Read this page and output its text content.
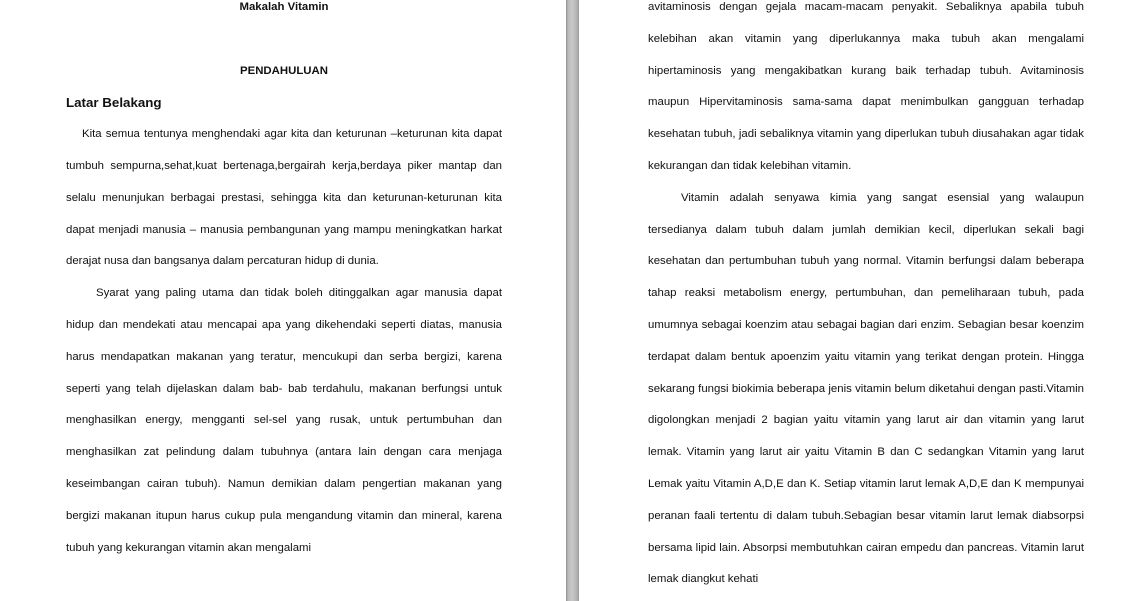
Makalah Vitamin
PENDAHULUAN
Latar Belakang

Kita semua tentunya menghendaki agar kita dan keturunan –keturunan kita dapat tumbuh sempurna,sehat,kuat bertenaga,bergairah kerja,berdaya piker mantap dan selalu menunjukan berbagai prestasi, sehingga kita dan keturunan-keturunan kita dapat menjadi manusia – manusia pembangunan yang mampu meningkatkan harkat derajat nusa dan bangsanya dalam percaturan hidup di dunia.

Syarat yang paling utama dan tidak boleh ditinggalkan agar manusia dapat hidup dan mendekati atau mencapai apa yang dikehendaki seperti diatas, manusia harus mendapatkan makanan yang teratur, mencukupi dan serba bergizi, karena seperti yang telah dijelaskan dalam bab- bab terdahulu, makanan berfungsi untuk menghasilkan energy, mengganti sel-sel yang rusak, untuk pertumbuhan dan menghasilkan zat pelindung dalam tubuhnya (antara lain dengan cara menjaga keseimbangan cairan tubuh). Namun demikian dalam pengertian makanan yang bergizi makanan itupun harus cukup pula mengandung vitamin dan mineral, karena tubuh yang kekurangan vitamin akan mengalami

avitaminosis dengan gejala macam-macam penyakit. Sebaliknya apabila tubuh kelebihan akan vitamin yang diperlukannya maka tubuh akan mengalami hipertaminosis yang mengakibatkan kurang baik terhadap tubuh. Avitaminosis maupun Hipervitaminosis sama-sama dapat menimbulkan gangguan terhadap kesehatan tubuh, jadi sebaliknya vitamin yang diperlukan tubuh diusahakan agar tidak kekurangan dan tidak kelebihan vitamin.

Vitamin adalah senyawa kimia yang sangat esensial yang walaupun tersedianya dalam tubuh dalam jumlah demikian kecil, diperlukan sekali bagi kesehatan dan pertumbuhan tubuh yang normal. Vitamin berfungsi dalam beberapa tahap reaksi metabolism energy, pertumbuhan, dan pemeliharaan tubuh, pada umumnya sebagai koenzim atau sebagai bagian dari enzim. Sebagian besar koenzim terdapat dalam bentuk apoenzim yaitu vitamin yang terikat dengan protein. Hingga sekarang fungsi biokimia beberapa jenis vitamin belum diketahui dengan pasti.Vitamin digolongkan menjadi 2 bagian yaitu vitamin yang larut air dan vitamin yang larut lemak. Vitamin yang larut air yaitu Vitamin B dan C sedangkan Vitamin yang larut Lemak yaitu Vitamin A,D,E dan K. Setiap vitamin larut lemak A,D,E dan K mempunyai peranan faali tertentu di dalam tubuh.Sebagian besar vitamin larut lemak diabsorpsi bersama lipid lain. Absorpsi membutuhkan cairan empedu dan pancreas. Vitamin larut lemak diangkut kehati
